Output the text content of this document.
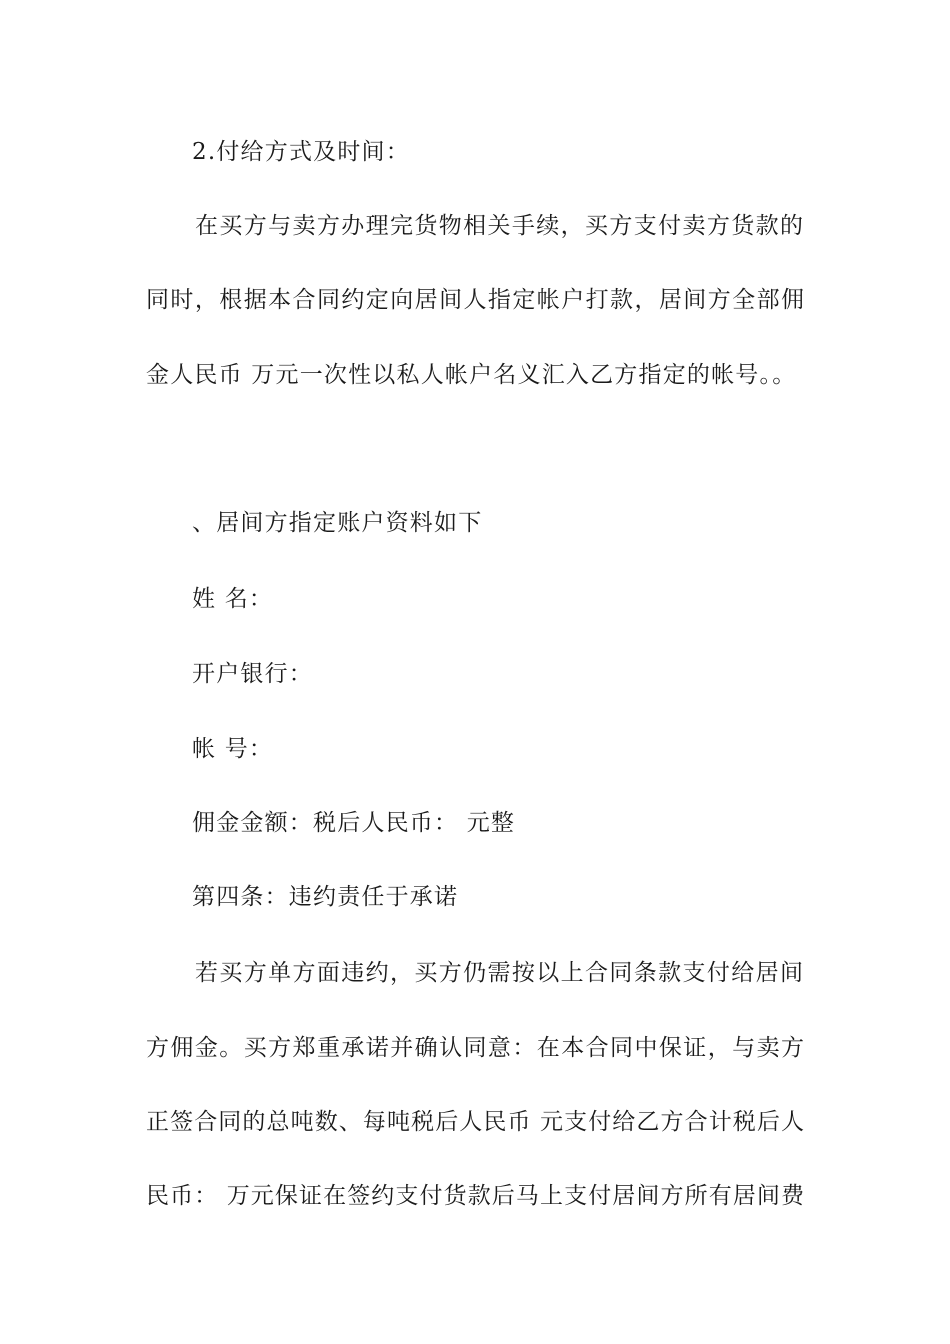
2.付给方式及时间：
在买方与卖方办理完货物相关手续，买方支付卖方货款的
同时，根据本合同约定向居间人指定帐户打款，居间方全部佣
金人民币 万元一次性以私人帐户名义汇入乙方指定的帐号。。
、居间方指定账户资料如下
姓 名：
开户银行：
帐 号：
佣金金额：税后人民币： 元整
第四条：违约责任于承诺
若买方单方面违约，买方仍需按以上合同条款支付给居间
方佣金。买方郑重承诺并确认同意：在本合同中保证，与卖方
正签合同的总吨数、每吨税后人民币 元支付给乙方合计税后人
民币： 万元保证在签约支付货款后马上支付居间方所有居间费
